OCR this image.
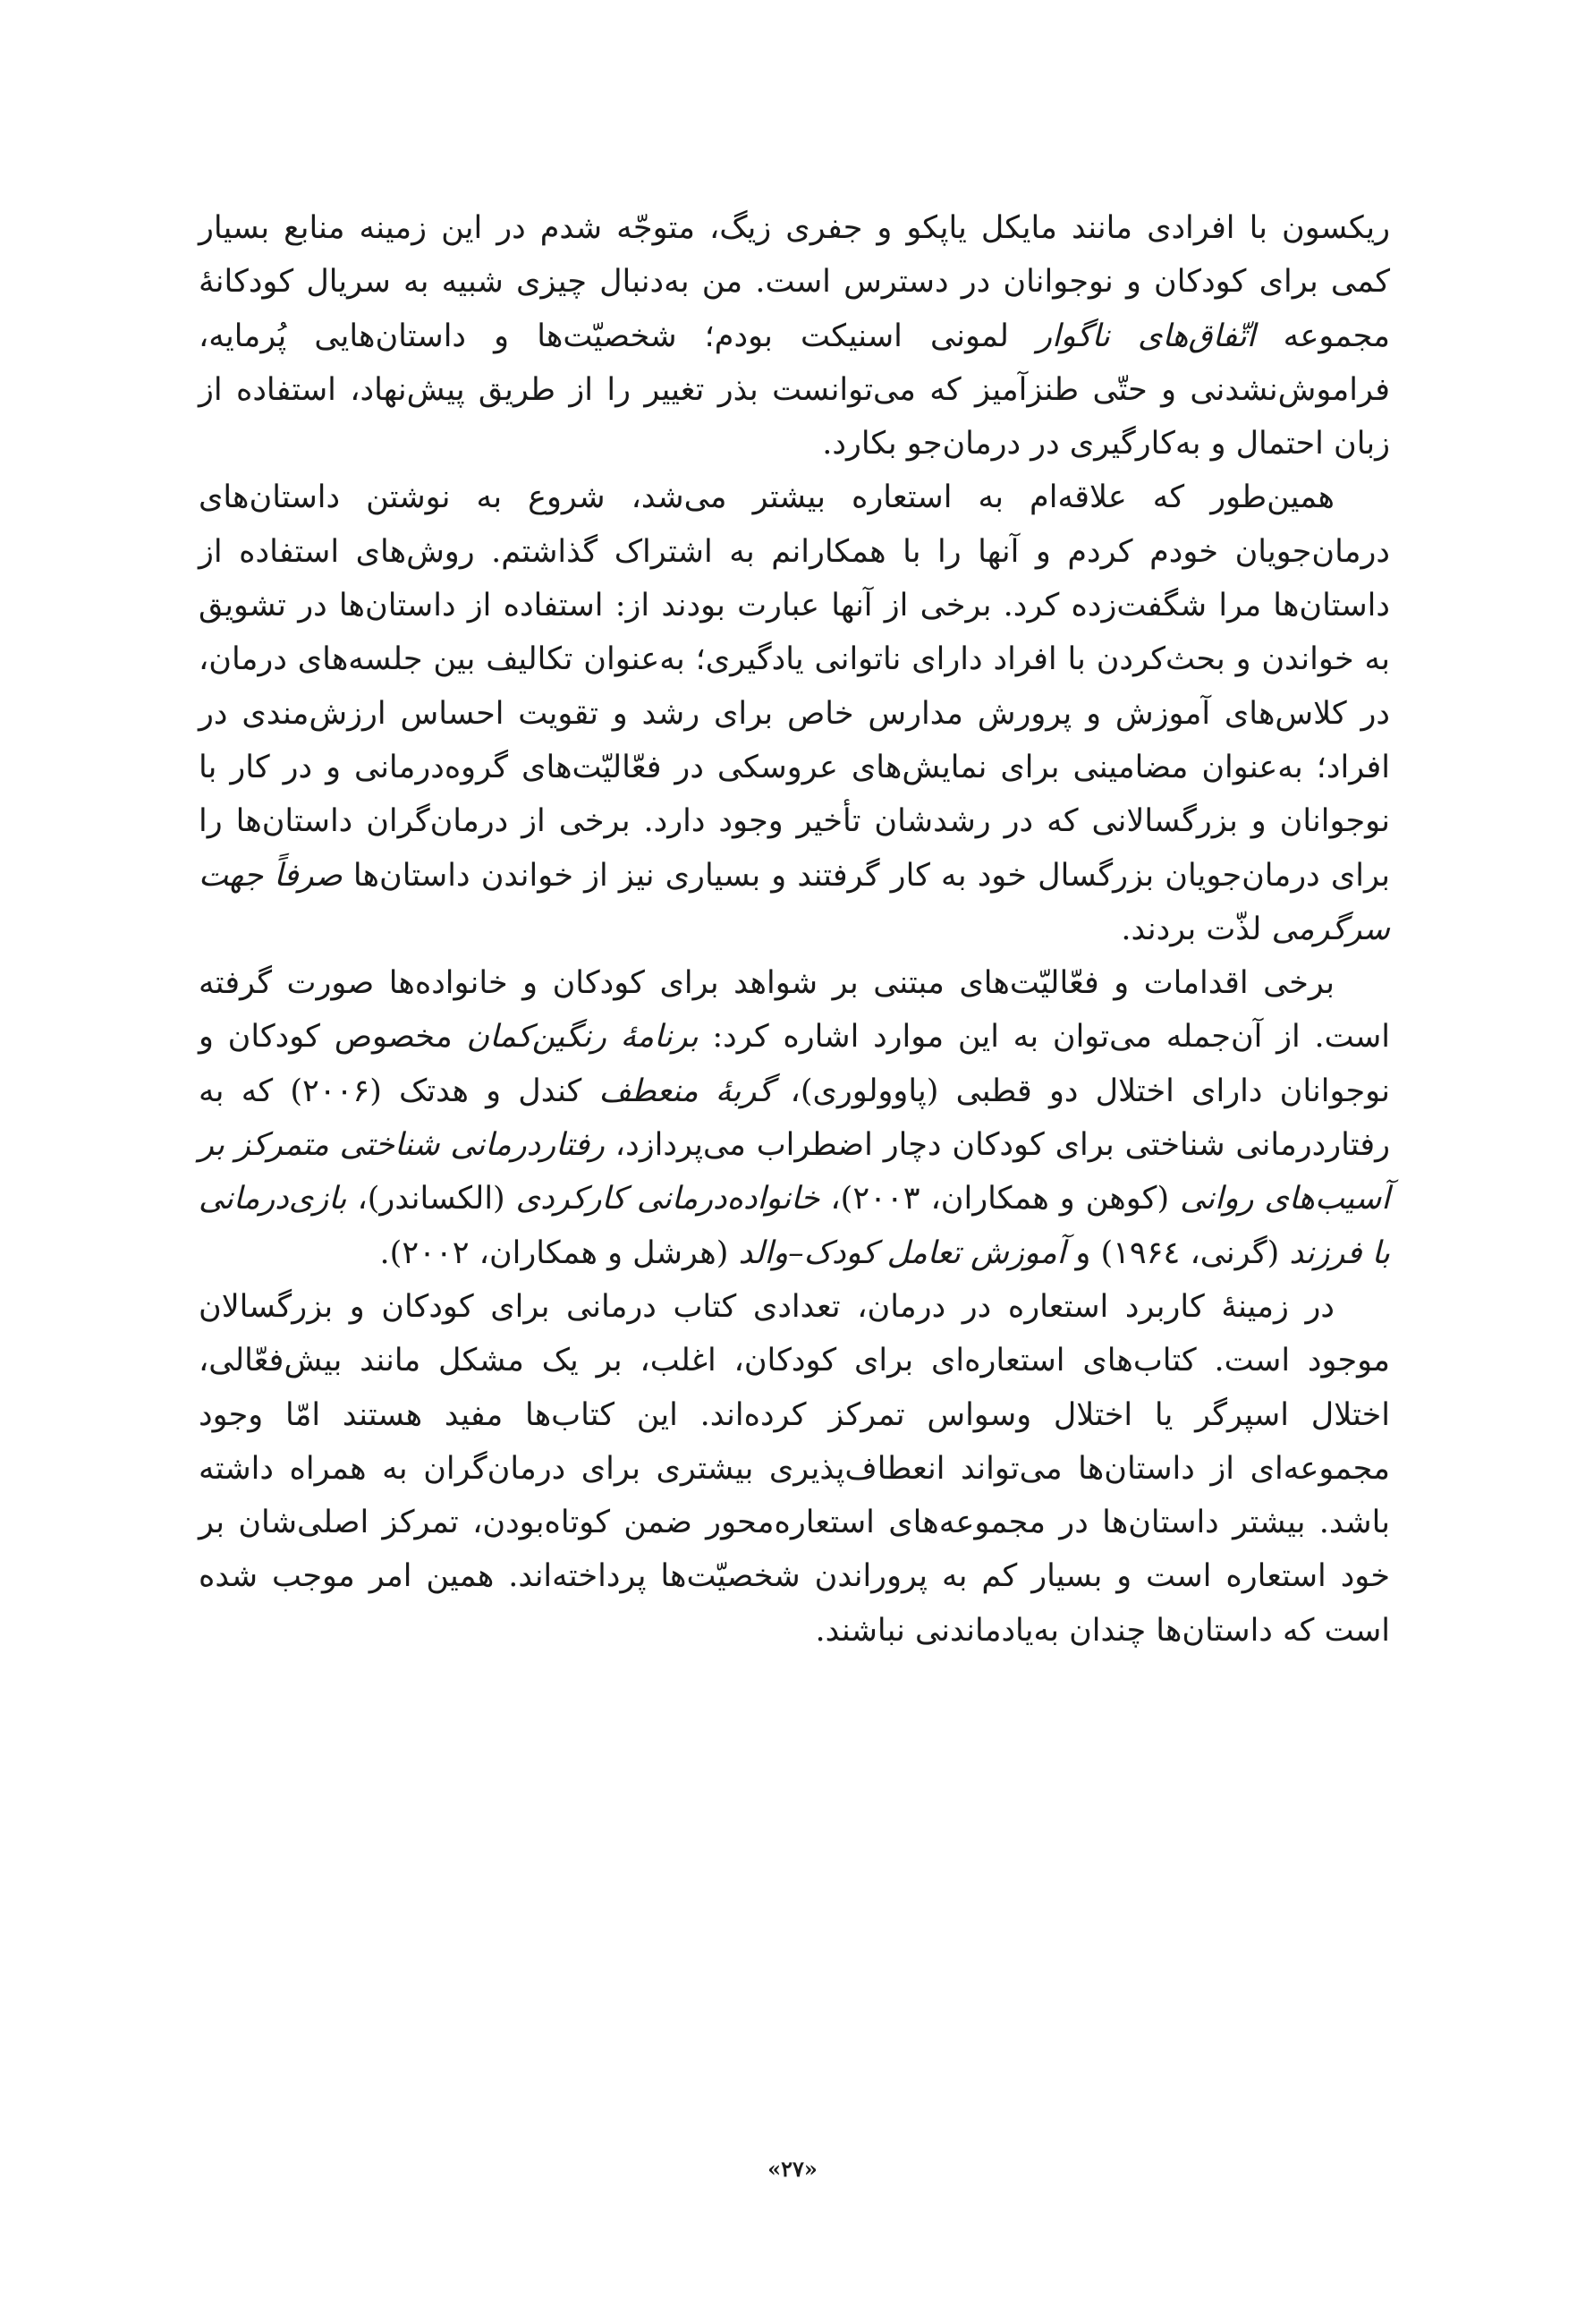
ریکسون با افرادی مانند مایکل یاپکو و جفری زیگ، متوجّه شدم در این زمینه منابع بسیار کمی برای کودکان و نوجوانان در دسترس است. من به‌دنبال چیزی شبیه به سریال کودکانهٔ مجموعه اتّفاق‌های ناگوار لمونی اسنیکت بودم؛ شخصیّت‌ها و داستان‌هایی پُرمایه، فراموش‌نشدنی و حتّی طنزآمیز که می‌توانست بذر تغییر را از طریق پیش‌نهاد، استفاده از زبان احتمال و به‌کارگیری در درمان‌جو بکارد.

همین‌طور که علاقه‌ام به استعاره بیشتر می‌شد، شروع به نوشتن داستان‌های درمان‌جویان خودم کردم و آنها را با همکارانم به اشتراک گذاشتم. روش‌های استفاده از داستان‌ها مرا شگفت‌زده کرد. برخی از آنها عبارت بودند از: استفاده از داستان‌ها در تشویق به خواندن و بحث‌کردن با افراد دارای ناتوانی یادگیری؛ به‌عنوان تکالیف بین جلسه‌های درمان، در کلاس‌های آموزش و پرورش مدارس خاص برای رشد و تقویت احساس ارزش‌مندی در افراد؛ به‌عنوان مضامینی برای نمایش‌های عروسکی در فعّالیّت‌های گروه‌درمانی و در کار با نوجوانان و بزرگسالانی که در رشدشان تأخیر وجود دارد. برخی از درمان‌گران داستان‌ها را برای درمان‌جویان بزرگسال خود به کار گرفتند و بسیاری نیز از خواندن داستان‌ها صرفاً جهت سرگرمی لذّت بردند.

برخی اقدامات و فعّالیّت‌های مبتنی بر شواهد برای کودکان و خانواده‌ها صورت گرفته است. از آن‌جمله می‌توان به این موارد اشاره کرد: برنامهٔ رنگین‌کمان مخصوص کودکان و نوجوانان دارای اختلال دو قطبی (پاوولوری)، گربهٔ منعطف کندل و هدتک (۲۰۰۶) که به رفتاردرمانی شناختی برای کودکان دچار اضطراب می‌پردازد، رفتاردرمانی شناختی متمرکز بر آسیب‌های روانی (کوهن و همکاران، ۲۰۰۳)، خانواده‌درمانی کارکردی (الکساندر)، بازی‌درمانی با فرزند (گرنی، ۱۹۶٤) و آموزش تعامل کودک–والد (هرشل و همکاران، ۲۰۰۲).

در زمینهٔ کاربرد استعاره در درمان، تعدادی کتاب درمانی برای کودکان و بزرگسالان موجود است. کتاب‌های استعاره‌ای برای کودکان، اغلب، بر یک مشکل مانند بیش‌فعّالی، اختلال اسپرگر یا اختلال وسواس تمرکز کرده‌اند. این کتاب‌ها مفید هستند امّا وجود مجموعه‌ای از داستان‌ها می‌تواند انعطاف‌پذیری بیشتری برای درمان‌گران به همراه داشته باشد. بیشتر داستان‌ها در مجموعه‌های استعاره‌محور ضمن کوتاه‌بودن، تمرکز اصلی‌شان بر خود استعاره است و بسیار کم به پروراندن شخصیّت‌ها پرداخته‌اند. همین امر موجب شده است که داستان‌ها چندان به‌یادماندنی نباشند.

«۲۷»
